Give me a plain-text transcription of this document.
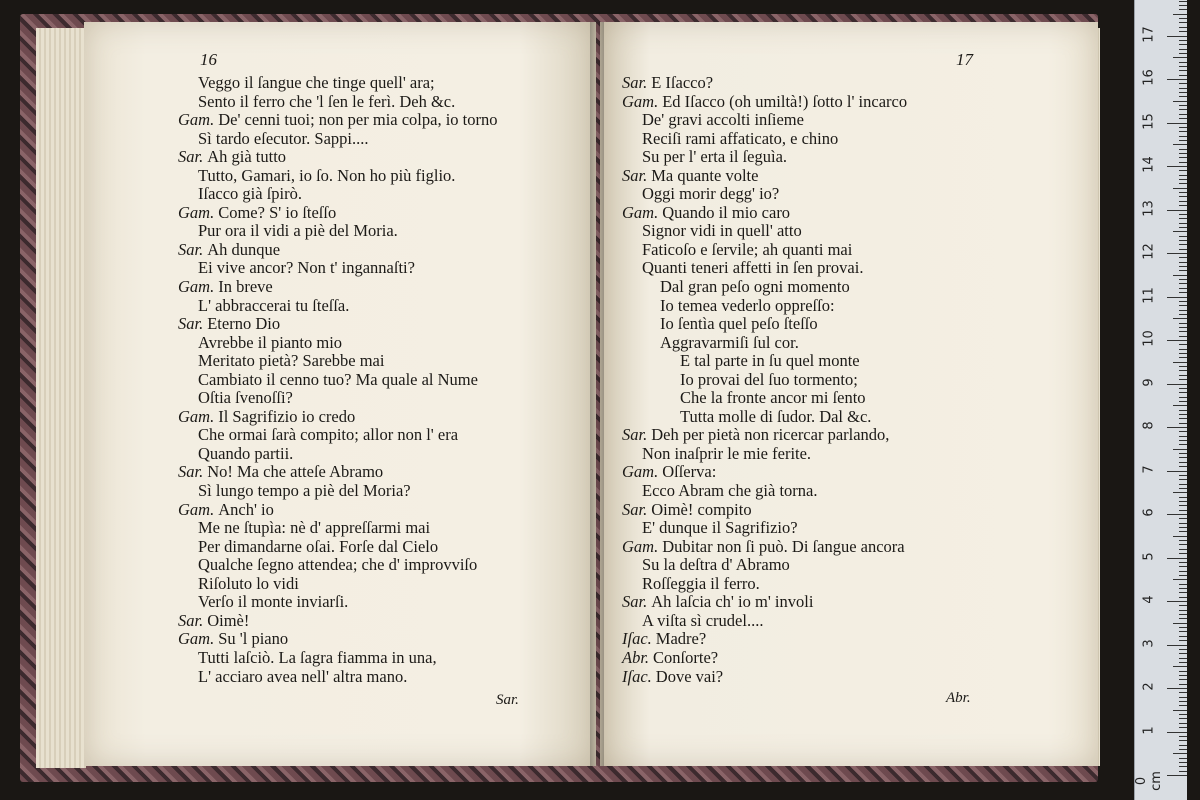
16
Veggo il ſangue che tinge quell' ara;
Sento il ferro che 'l ſen le ferì. Deh &c.
Gam. De' cenni tuoi; non per mia colpa, io torno
Sì tardo eſecutor. Sappi....
Sar. Ah già tutto
Tutto, Gamari, io ſo. Non ho più figlio.
Iſacco già ſpirò.
Gam. Come? S' io ſteſſo
Pur ora il vidi a piè del Moria.
Sar. Ah dunque
Ei vive ancor? Non t' ingannaſti?
Gam. In breve
L' abbraccerai tu ſteſſa.
Sar. Eterno Dio
Avrebbe il pianto mio
Meritato pietà? Sarebbe mai
Cambiato il cenno tuo? Ma quale al Nume
Oſtia ſvenoſſi?
Gam. Il Sagrifizio io credo
Che ormai ſarà compito; allor non l' era
Quando partii.
Sar. No! Ma che atteſe Abramo
Sì lungo tempo a piè del Moria?
Gam. Anch' io
Me ne ſtupìa: nè d' appreſſarmi mai
Per dimandarne oſai. Forſe dal Cielo
Qualche ſegno attendea; che d' improvviſo
Riſoluto lo vidi
Verſo il monte inviarſi.
Sar. Oimè!
Gam. Su 'l piano
Tutti laſciò. La ſagra fiamma in una,
L' acciaro avea nell' altra mano.
Sar.
17
Sar. E Iſacco?
Gam. Ed Iſacco (oh umiltà!) ſotto l' incarco
De' gravi accolti inſieme
Reciſi rami affaticato, e chino
Su per l' erta il ſeguìa.
Sar. Ma quante volte
Oggi morir degg' io?
Gam. Quando il mio caro
Signor vidi in quell' atto
Faticoſo e ſervile; ah quanti mai
Quanti teneri affetti in ſen provai.
Dal gran peſo ogni momento
Io temea vederlo oppreſſo:
Io ſentìa quel peſo ſteſſo
Aggravarmiſi ſul cor.
E tal parte in ſu quel monte
Io provai del ſuo tormento;
Che la fronte ancor mi ſento
Tutta molle di ſudor. Dal &c.
Sar. Deh per pietà non ricercar parlando,
Non inaſprir le mie ferite.
Gam. Oſſerva:
Ecco Abram che già torna.
Sar. Oimè! compito
E' dunque il Sagrifizio?
Gam. Dubitar non ſi può. Di ſangue ancora
Su la deſtra d' Abramo
Roſſeggia il ferro.
Sar. Ah laſcia ch' io m' involi
A viſta sì crudel....
Iſac. Madre?
Abr. Conſorte?
Iſac. Dove vai?
Abr.
0 cm
1
2
3
4
5
6
7
8
9
10
11
12
13
14
15
16
17
